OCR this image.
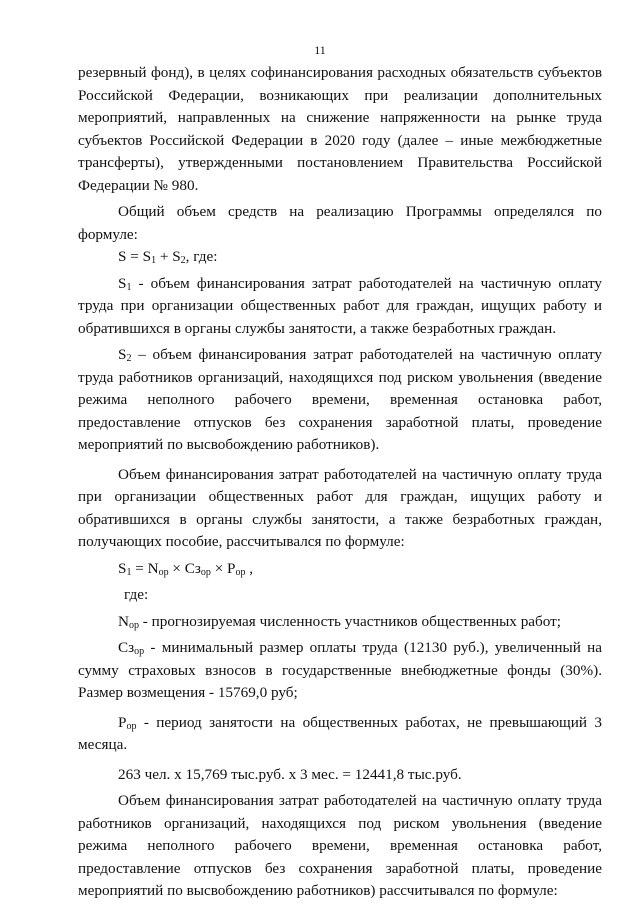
11

резервный фонд), в целях софинансирования расходных обязательств субъектов Российской Федерации, возникающих при реализации дополнительных мероприятий, направленных на снижение напряженности на рынке труда субъектов Российской Федерации в 2020 году (далее – иные межбюджетные трансферты), утвержденными постановлением Правительства Российской Федерации № 980.

Общий объем средств на реализацию Программы определялся по формуле:

$S = S_1 + S_2$, где:

$S_1$ - объем финансирования затрат работодателей на частичную оплату труда при организации общественных работ для граждан, ищущих работу и обратившихся в органы службы занятости, а также безработных граждан.

$S_2$ – объем финансирования затрат работодателей на частичную оплату труда работников организаций, находящихся под риском увольнения (введение режима неполного рабочего времени, временная остановка работ, предоставление отпусков без сохранения заработной платы, проведение мероприятий по высвобождению работников).

Объем финансирования затрат работодателей на частичную оплату труда при организации общественных работ для граждан, ищущих работу и обратившихся в органы службы занятости, а также безработных граждан, получающих пособие, рассчитывался по формуле:

$S_1 = N_{ор} \times Сз_{ор} \times P_{ор}$ ,

где:

$N_{ор}$ - прогнозируемая численность участников общественных работ;

$Сз_{ор}$ - минимальный размер оплаты труда (12130 руб.), увеличенный на сумму страховых взносов в государственные внебюджетные фонды (30%). Размер возмещения - 15769,0 руб;

$P_{ор}$ - период занятости на общественных работах, не превышающий 3 месяца.

263 чел. х 15,769 тыс.руб. х 3 мес. = 12441,8 тыс.руб.

Объем финансирования затрат работодателей на частичную оплату труда работников организаций, находящихся под риском увольнения (введение режима неполного рабочего времени, временная остановка работ, предоставление отпусков без сохранения заработной платы, проведение мероприятий по высвобождению работников) рассчитывался по формуле:
